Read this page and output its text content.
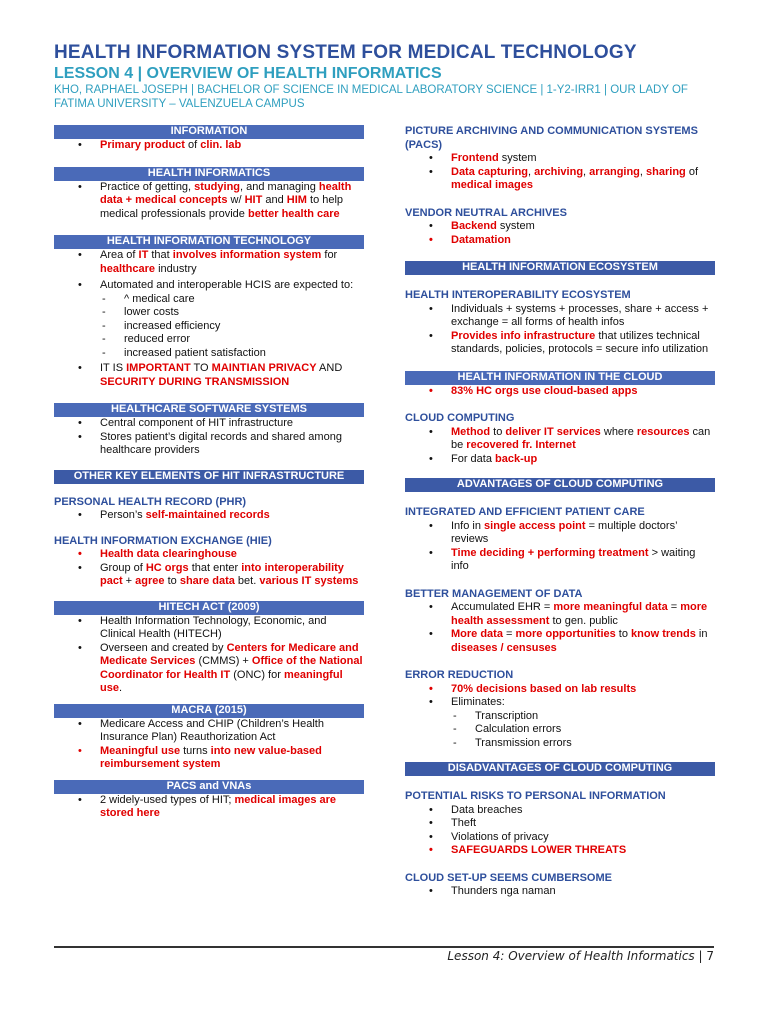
HEALTH INFORMATION SYSTEM FOR MEDICAL TECHNOLOGY
LESSON 4 | OVERVIEW OF HEALTH INFORMATICS
KHO, RAPHAEL JOSEPH | BACHELOR OF SCIENCE IN MEDICAL LABORATORY SCIENCE | 1-Y2-IRR1 | OUR LADY OF
FATIMA UNIVERSITY – VALENZUELA CAMPUS
INFORMATION
• Primary product of clin. lab
HEALTH INFORMATICS
• Practice of getting, studying, and managing health data + medical concepts w/ HIT and HIM to help medical professionals provide better health care
HEALTH INFORMATION TECHNOLOGY
• Area of IT that involves information system for healthcare industry
• Automated and interoperable HCIS are expected to:
- ^ medical care
- lower costs
- increased efficiency
- reduced error
- increased patient satisfaction
• IT IS IMPORTANT TO MAINTIAN PRIVACY AND SECURITY DURING TRANSMISSION
HEALTHCARE SOFTWARE SYSTEMS
• Central component of HIT infrastructure
• Stores patient’s digital records and shared among healthcare providers
OTHER KEY ELEMENTS OF HIT INFRASTRUCTURE
PERSONAL HEALTH RECORD (PHR)
• Person’s self-maintained records
HEALTH INFORMATION EXCHANGE (HIE)
• Health data clearinghouse
• Group of HC orgs that enter into interoperability pact + agree to share data bet. various IT systems
HITECH ACT (2009)
• Health Information Technology, Economic, and Clinical Health (HITECH)
• Overseen and created by Centers for Medicare and Medicate Services (CMMS) + Office of the National Coordinator for Health IT (ONC) for meaningful use.
MACRA (2015)
• Medicare Access and CHIP (Children’s Health Insurance Plan) Reauthorization Act
• Meaningful use turns into new value-based reimbursement system
PACS and VNAs
• 2 widely-used types of HIT; medical images are stored here
PICTURE ARCHIVING AND COMMUNICATION SYSTEMS (PACS)
• Frontend system
• Data capturing, archiving, arranging, sharing of medical images
VENDOR NEUTRAL ARCHIVES
• Backend system
• Datamation
HEALTH INFORMATION ECOSYSTEM
HEALTH INTEROPERABILITY ECOSYSTEM
• Individuals + systems + processes, share + access + exchange = all forms of health infos
• Provides info infrastructure that utilizes technical standards, policies, protocols = secure info utilization
HEALTH INFORMATION IN THE CLOUD
• 83% HC orgs use cloud-based apps
CLOUD COMPUTING
• Method to deliver IT services where resources can be recovered fr. Internet
• For data back-up
ADVANTAGES OF CLOUD COMPUTING
INTEGRATED AND EFFICIENT PATIENT CARE
• Info in single access point = multiple doctors’ reviews
• Time deciding + performing treatment > waiting info
BETTER MANAGEMENT OF DATA
• Accumulated EHR = more meaningful data = more health assessment to gen. public
• More data = more opportunities to know trends in diseases / censuses
ERROR REDUCTION
• 70% decisions based on lab results
• Eliminates:
- Transcription
- Calculation errors
- Transmission errors
DISADVANTAGES OF CLOUD COMPUTING
POTENTIAL RISKS TO PERSONAL INFORMATION
• Data breaches
• Theft
• Violations of privacy
• SAFEGUARDS LOWER THREATS
CLOUD SET-UP SEEMS CUMBERSOME
• Thunders ngа naman
Lesson 4: Overview of Health Informatics | 7
